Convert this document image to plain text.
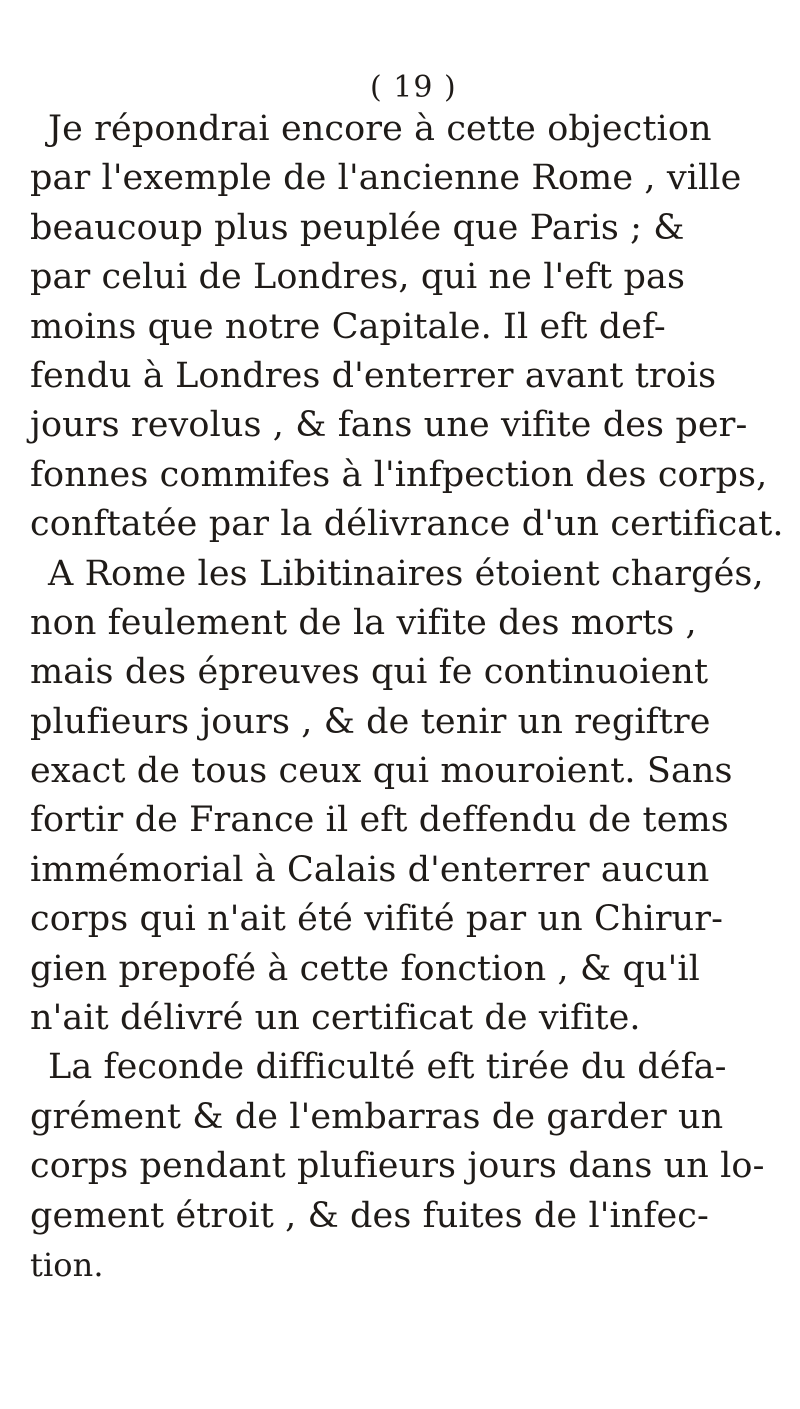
( 19 )
Je répondrai encore à cette objection
par l'exemple de l'ancienne Rome , ville
beaucoup plus peuplée que Paris ; &
par celui de Londres, qui ne l'eft pas
moins que notre Capitale. Il eft def-
fendu à Londres d'enterrer avant trois
jours revolus , & fans une vifite des per-
fonnes commifes à l'infpection des corps,
conftatée par la délivrance d'un certificat.
A Rome les Libitinaires étoient chargés,
non feulement de la vifite des morts ,
mais des épreuves qui fe continuoient
plufieurs jours , & de tenir un regiftre
exact de tous ceux qui mouroient. Sans
fortir de France il eft deffendu de tems
immémorial à Calais d'enterrer aucun
corps qui n'ait été vifité par un Chirur-
gien prepofé à cette fonction , & qu'il
n'ait délivré un certificat de vifite.
La feconde difficulté eft tirée du défa-
grément & de l'embarras de garder un
corps pendant plufieurs jours dans un lo-
gement étroit , & des fuites de l'infec-
tion.
